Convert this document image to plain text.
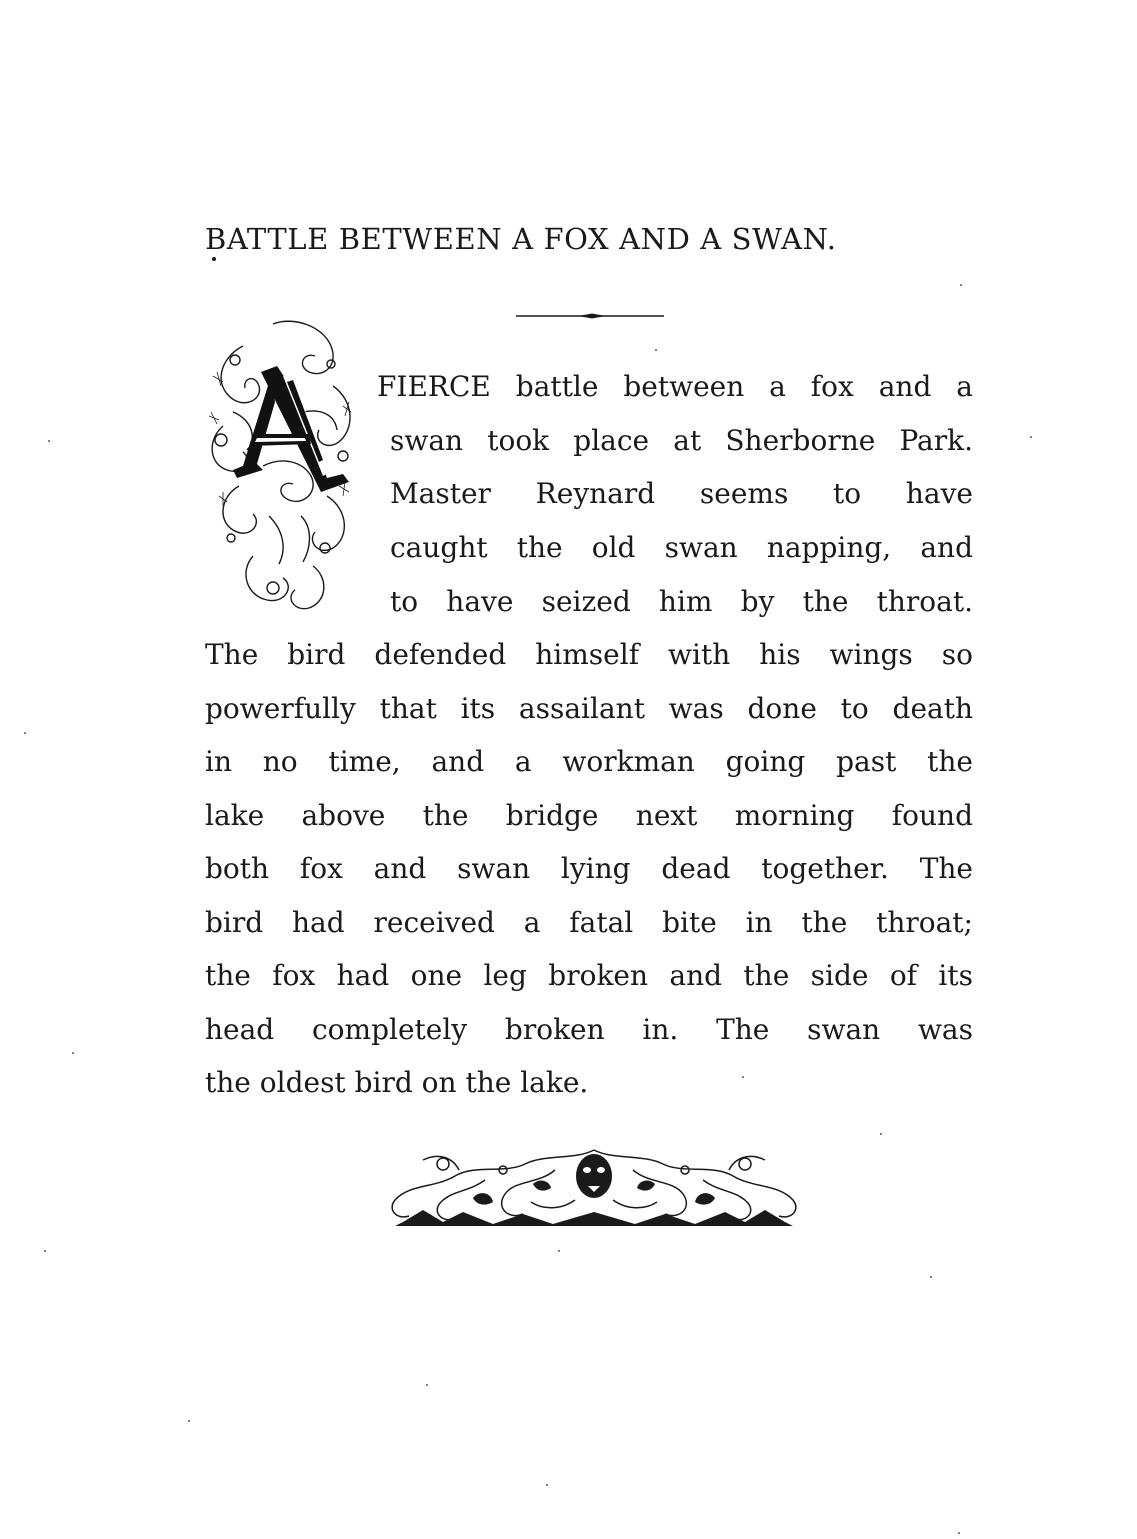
BATTLE BETWEEN A FOX AND A SWAN.

FIERCE battle between a fox and a

swan took place at Sherborne Park.

Master Reynard seems to have

caught the old swan napping, and

to have seized him by the throat.

The bird defended himself with his wings so

powerfully that its assailant was done to death

in no time, and a workman going past the

lake above the bridge next morning found

both fox and swan lying dead together. The

bird had received a fatal bite in the throat;

the fox had one leg broken and the side of its

head completely broken in. The swan was

the oldest bird on the lake.
